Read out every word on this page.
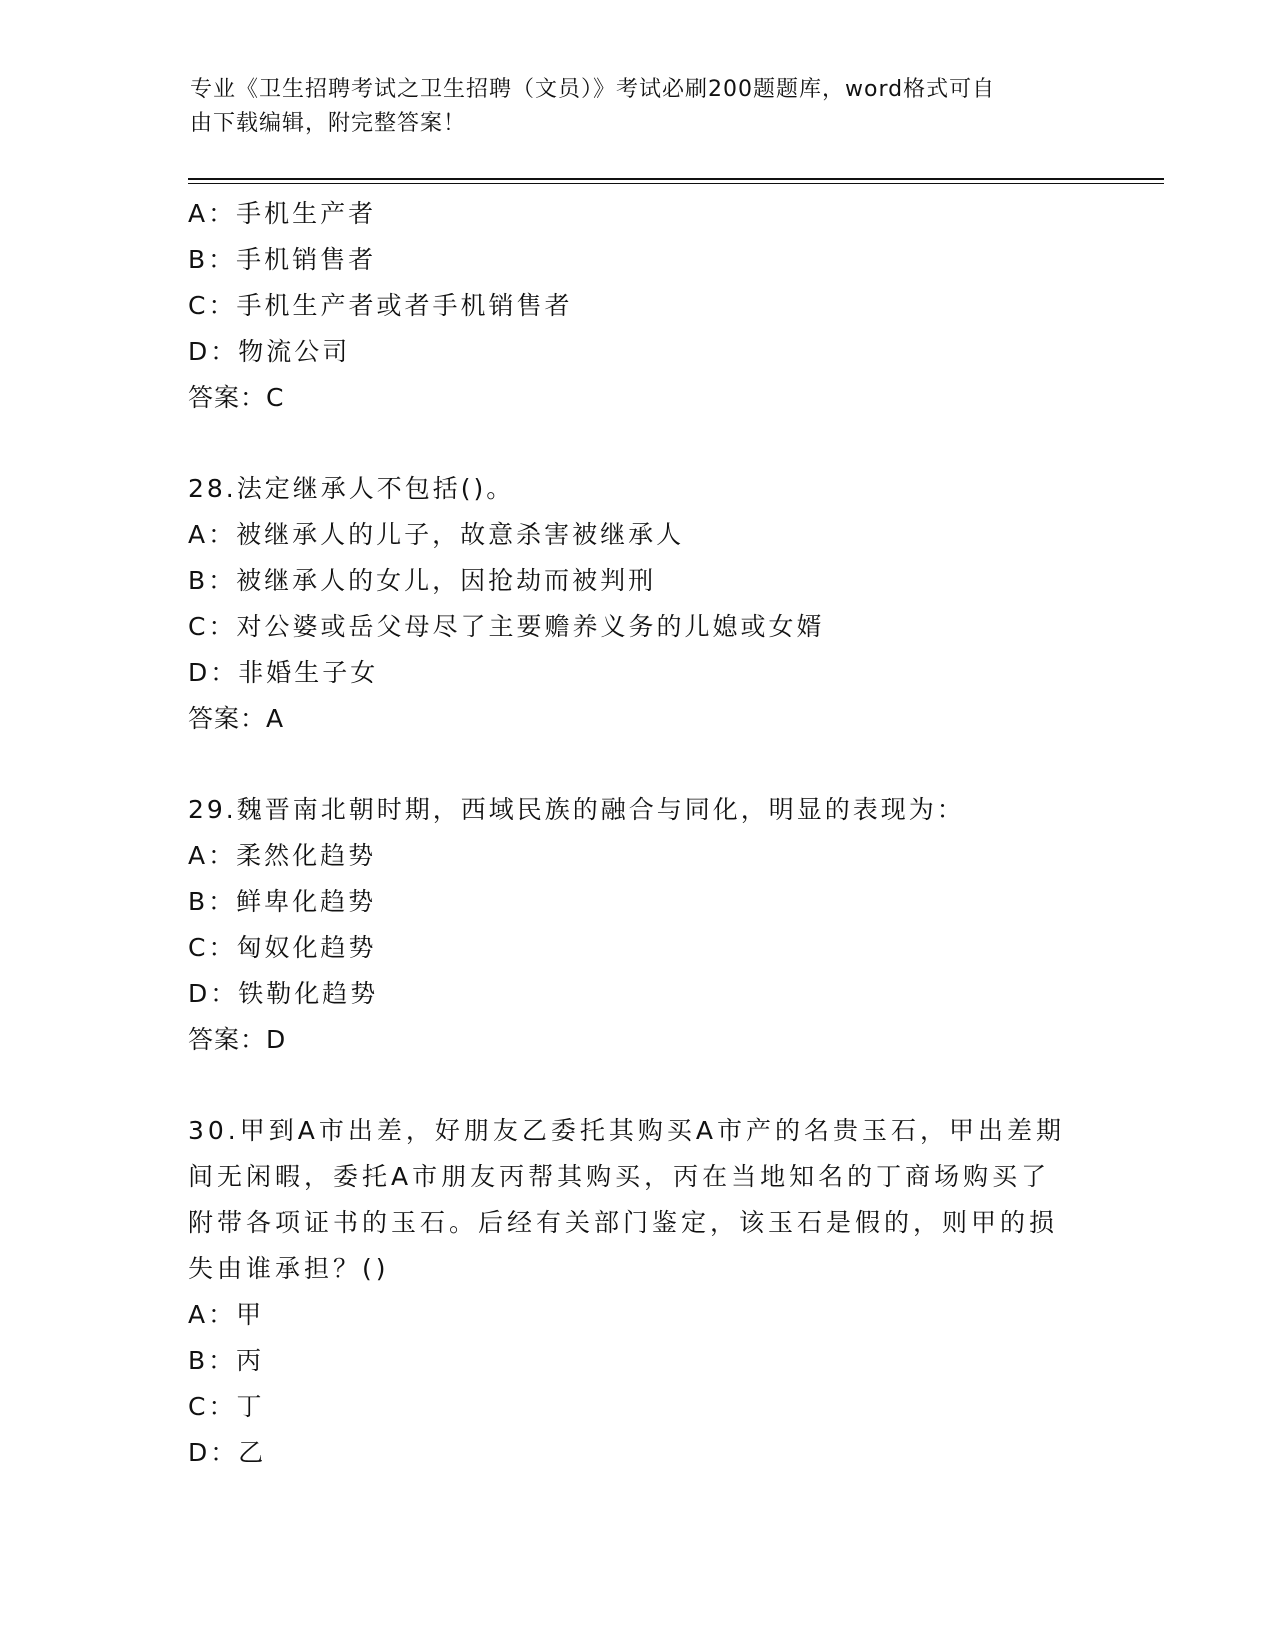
专业《卫生招聘考试之卫生招聘（文员）》考试必刷200题题库，word格式可自
由下载编辑，附完整答案！
A：手机生产者
B：手机销售者
C：手机生产者或者手机销售者
D：物流公司
答案：C
28.法定继承人不包括()。
A：被继承人的儿子，故意杀害被继承人
B：被继承人的女儿，因抢劫而被判刑
C：对公婆或岳父母尽了主要赡养义务的儿媳或女婿
D：非婚生子女
答案：A
29.魏晋南北朝时期，西域民族的融合与同化，明显的表现为：
A：柔然化趋势
B：鲜卑化趋势
C：匈奴化趋势
D：铁勒化趋势
答案：D
30.甲到A市出差，好朋友乙委托其购买A市产的名贵玉石，甲出差期
间无闲暇，委托A市朋友丙帮其购买，丙在当地知名的丁商场购买了
附带各项证书的玉石。后经有关部门鉴定，该玉石是假的，则甲的损
失由谁承担？()
A：甲
B：丙
C：丁
D：乙
